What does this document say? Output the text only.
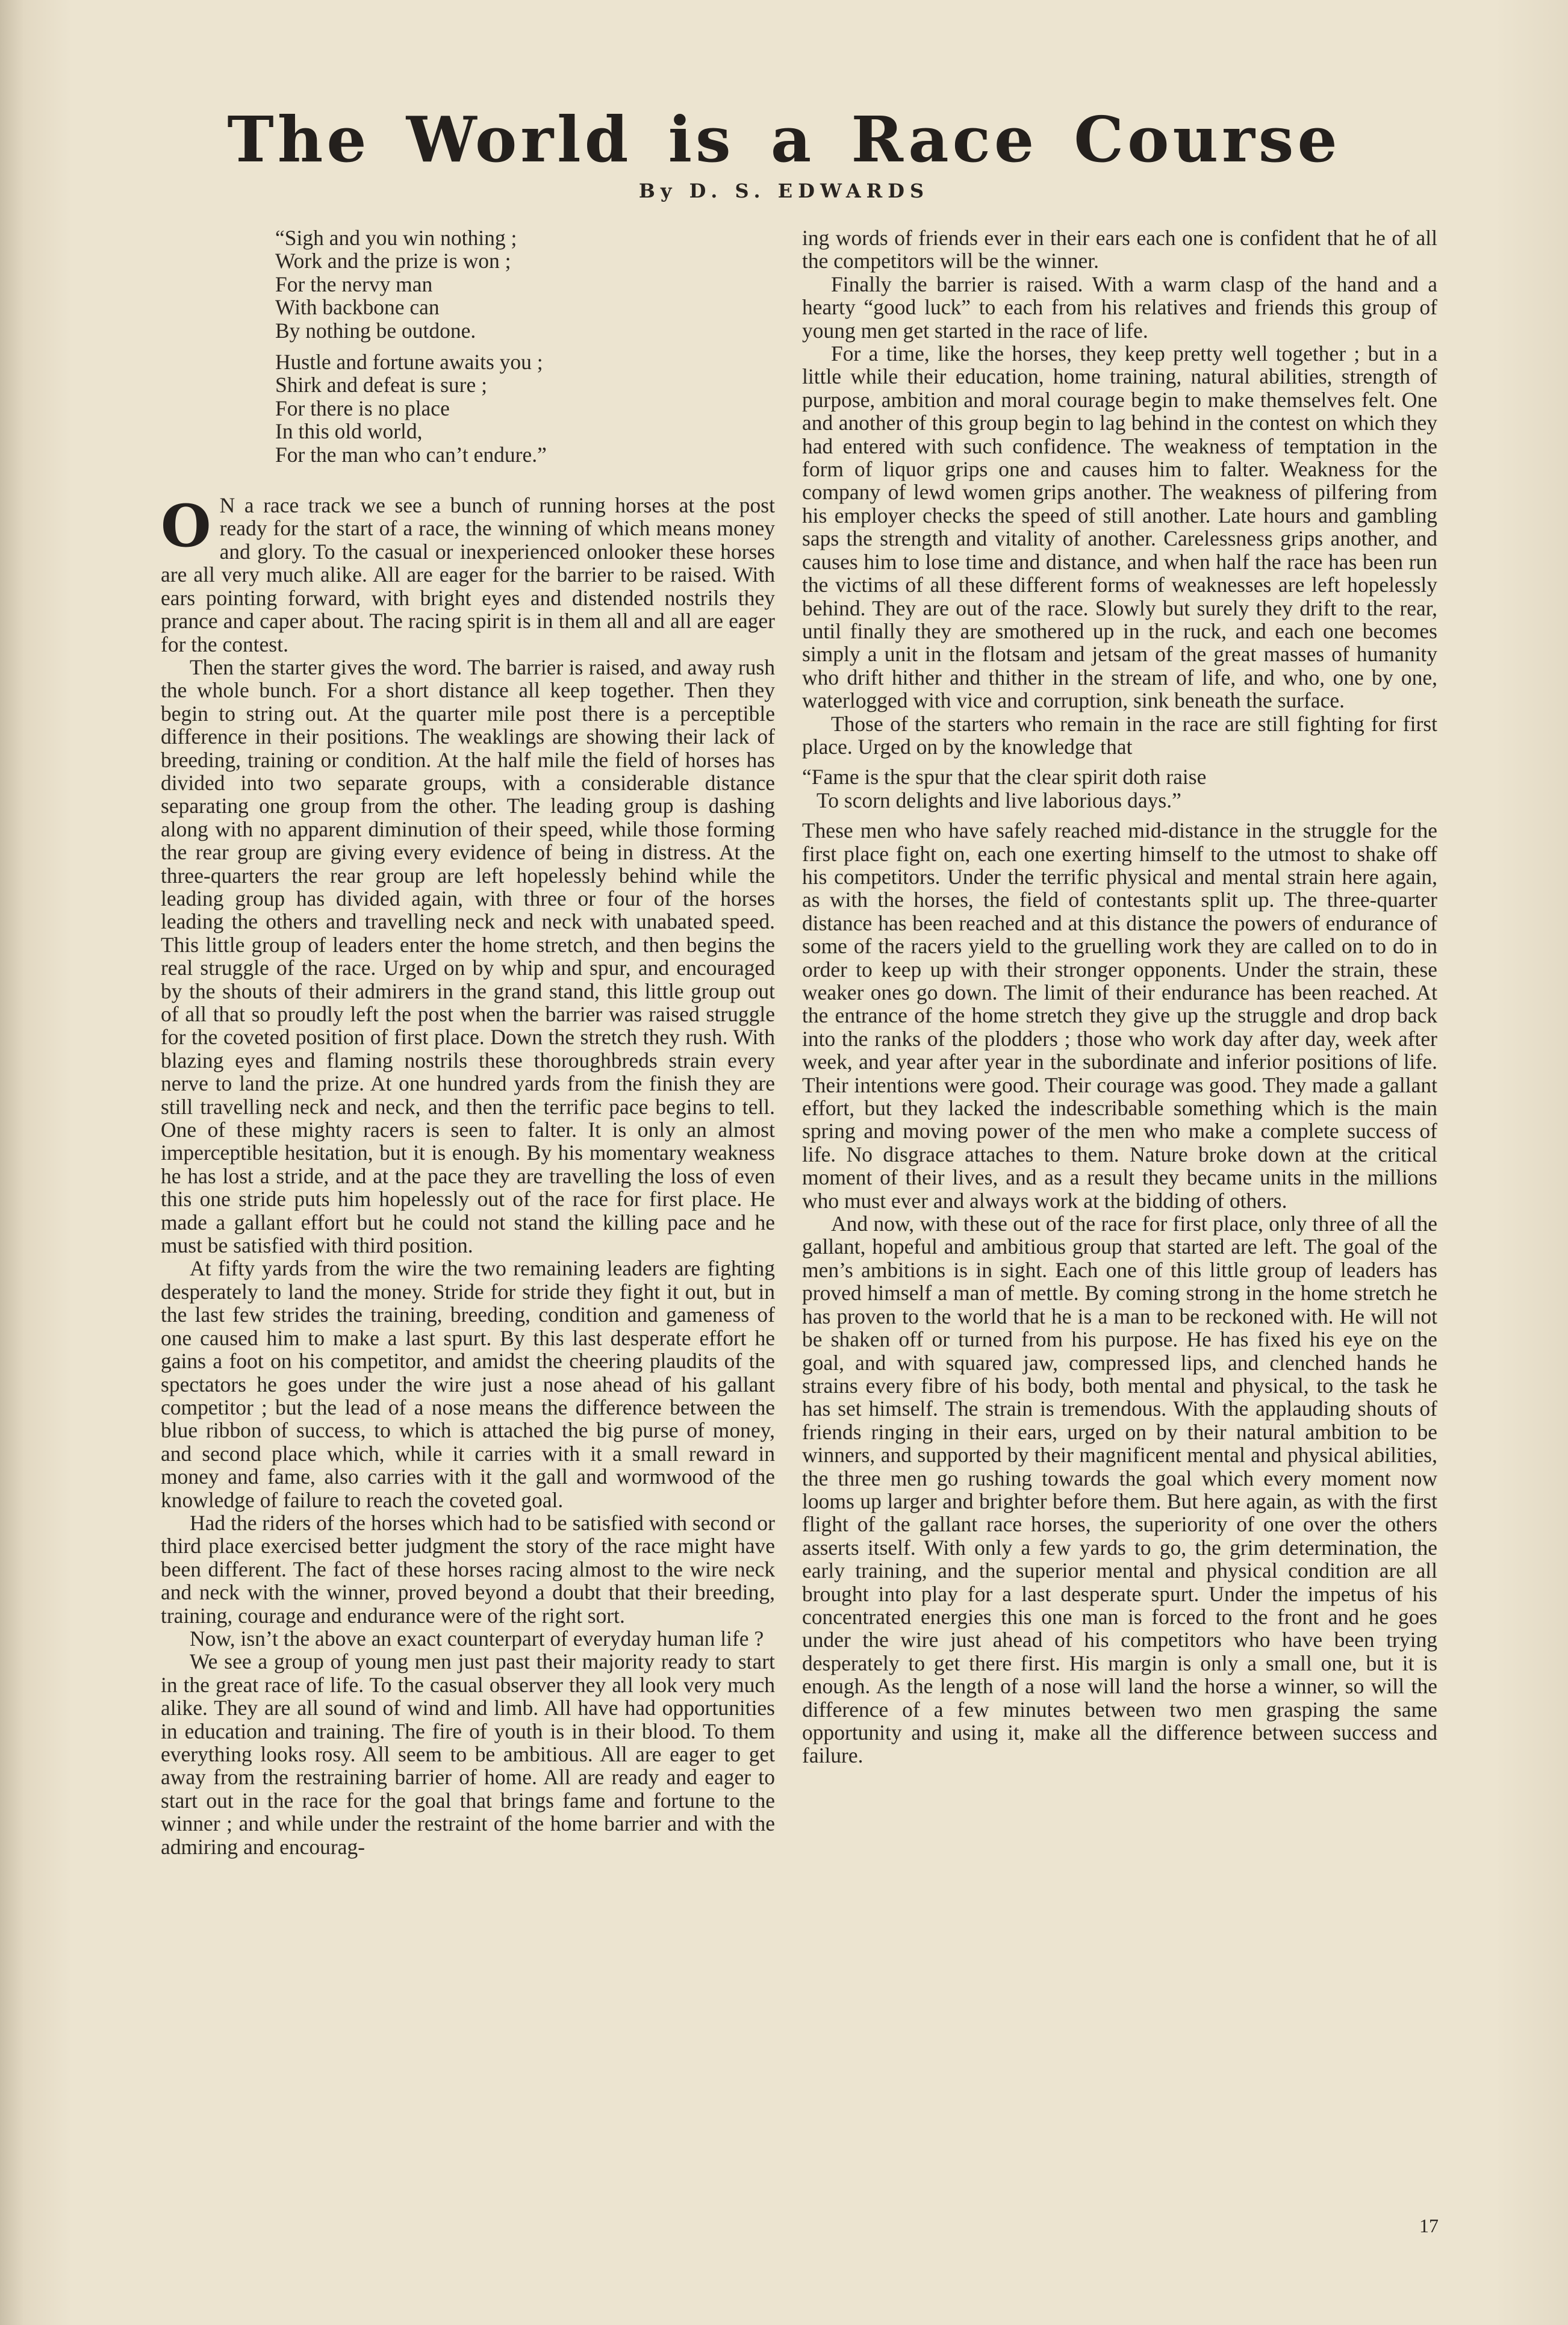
The World is a Race Course
By D. S. EDWARDS
“Sigh and you win nothing ;
Work and the prize is won ;
For the nervy man
With backbone can
By nothing be outdone.
Hustle and fortune awaits you ;
Shirk and defeat is sure ;
For there is no place
In this old world,
For the man who can’t endure.”

O N a race track we see a bunch of running horses at the post ready for the start of a race, the winning of which means money and glory. To the casual or inexperienced onlooker these horses are all very much alike. All are eager for the barrier to be raised. With ears pointing forward, with bright eyes and distended nostrils they prance and caper about. The racing spirit is in them all and all are eager for the contest.

Then the starter gives the word. The barrier is raised, and away rush the whole bunch. For a short distance all keep together. Then they begin to string out. At the quarter mile post there is a perceptible difference in their positions. The weaklings are showing their lack of breeding, training or condition. At the half mile the field of horses has divided into two separate groups, with a considerable distance separating one group from the other. The leading group is dashing along with no apparent diminution of their speed, while those forming the rear group are giving every evidence of being in distress. At the three-quarters the rear group are left hopelessly behind while the leading group has divided again, with three or four of the horses leading the others and travelling neck and neck with unabated speed. This little group of leaders enter the home stretch, and then begins the real struggle of the race. Urged on by whip and spur, and encouraged by the shouts of their admirers in the grand stand, this little group out of all that so proudly left the post when the barrier was raised struggle for the coveted position of first place. Down the stretch they rush. With blazing eyes and flaming nostrils these thoroughbreds strain every nerve to land the prize. At one hundred yards from the finish they are still travelling neck and neck, and then the terrific pace begins to tell. One of these mighty racers is seen to falter. It is only an almost imperceptible hesitation, but it is enough. By his momentary weakness he has lost a stride, and at the pace they are travelling the loss of even this one stride puts him hopelessly out of the race for first place. He made a gallant effort but he could not stand the killing pace and he must be satisfied with third position.

At fifty yards from the wire the two remaining leaders are fighting desperately to land the money. Stride for stride they fight it out, but in the last few strides the training, breeding, condition and gameness of one caused him to make a last spurt. By this last desperate effort he gains a foot on his competitor, and amidst the cheering plaudits of the spectators he goes under the wire just a nose ahead of his gallant competitor ; but the lead of a nose means the difference between the blue ribbon of success, to which is attached the big purse of money, and second place which, while it carries with it a small reward in money and fame, also carries with it the gall and wormwood of the knowledge of failure to reach the coveted goal.

Had the riders of the horses which had to be satisfied with second or third place exercised better judgment the story of the race might have been different. The fact of these horses racing almost to the wire neck and neck with the winner, proved beyond a doubt that their breeding, training, courage and endurance were of the right sort.

Now, isn’t the above an exact counterpart of everyday human life ?

We see a group of young men just past their majority ready to start in the great race of life. To the casual observer they all look very much alike. They are all sound of wind and limb. All have had opportunities in education and training. The fire of youth is in their blood. To them everything looks rosy. All seem to be ambitious. All are eager to get away from the restraining barrier of home. All are ready and eager to start out in the race for the goal that brings fame and fortune to the winner ; and while under the restraint of the home barrier and with the admiring and encourag-

ing words of friends ever in their ears each one is confident that he of all the competitors will be the winner.

Finally the barrier is raised. With a warm clasp of the hand and a hearty “good luck” to each from his relatives and friends this group of young men get started in the race of life.

For a time, like the horses, they keep pretty well together ; but in a little while their education, home training, natural abilities, strength of purpose, ambition and moral courage begin to make themselves felt. One and another of this group begin to lag behind in the contest on which they had entered with such confidence. The weakness of temptation in the form of liquor grips one and causes him to falter. Weakness for the company of lewd women grips another. The weakness of pilfering from his employer checks the speed of still another. Late hours and gambling saps the strength and vitality of another. Carelessness grips another, and causes him to lose time and distance, and when half the race has been run the victims of all these different forms of weaknesses are left hopelessly behind. They are out of the race. Slowly but surely they drift to the rear, until finally they are smothered up in the ruck, and each one becomes simply a unit in the flotsam and jetsam of the great masses of humanity who drift hither and thither in the stream of life, and who, one by one, waterlogged with vice and corruption, sink beneath the surface.

Those of the starters who remain in the race are still fighting for first place. Urged on by the knowledge that

“Fame is the spur that the clear spirit doth raise
To scorn delights and live laborious days.”

These men who have safely reached mid-distance in the struggle for the first place fight on, each one exerting himself to the utmost to shake off his competitors. Under the terrific physical and mental strain here again, as with the horses, the field of contestants split up. The three-quarter distance has been reached and at this distance the powers of endurance of some of the racers yield to the gruelling work they are called on to do in order to keep up with their stronger opponents. Under the strain, these weaker ones go down. The limit of their endurance has been reached. At the entrance of the home stretch they give up the struggle and drop back into the ranks of the plodders ; those who work day after day, week after week, and year after year in the subordinate and inferior positions of life. Their intentions were good. Their courage was good. They made a gallant effort, but they lacked the indescribable something which is the main spring and moving power of the men who make a complete success of life. No disgrace attaches to them. Nature broke down at the critical moment of their lives, and as a result they became units in the millions who must ever and always work at the bidding of others.

And now, with these out of the race for first place, only three of all the gallant, hopeful and ambitious group that started are left. The goal of the men’s ambitions is in sight. Each one of this little group of leaders has proved himself a man of mettle. By coming strong in the home stretch he has proven to the world that he is a man to be reckoned with. He will not be shaken off or turned from his purpose. He has fixed his eye on the goal, and with squared jaw, compressed lips, and clenched hands he strains every fibre of his body, both mental and physical, to the task he has set himself. The strain is tremendous. With the applauding shouts of friends ringing in their ears, urged on by their natural ambition to be winners, and supported by their magnificent mental and physical abilities, the three men go rushing towards the goal which every moment now looms up larger and brighter before them. But here again, as with the first flight of the gallant race horses, the superiority of one over the others asserts itself. With only a few yards to go, the grim determination, the early training, and the superior mental and physical condition are all brought into play for a last desperate spurt. Under the impetus of his concentrated energies this one man is forced to the front and he goes under the wire just ahead of his competitors who have been trying desperately to get there first. His margin is only a small one, but it is enough. As the length of a nose will land the horse a winner, so will the difference of a few minutes between two men grasping the same opportunity and using it, make all the difference between success and failure.

17
